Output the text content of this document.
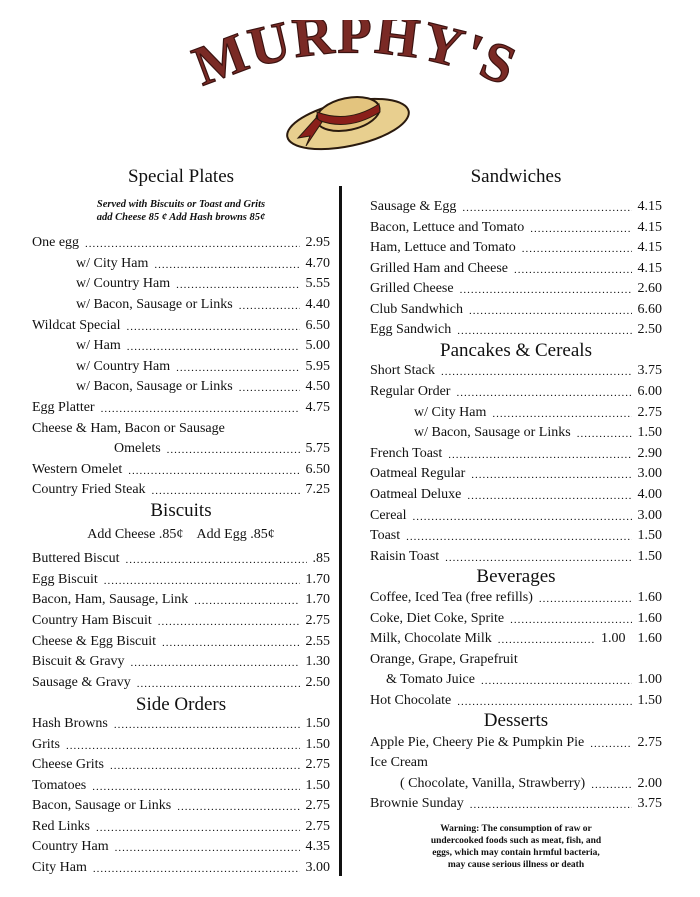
MURPHY'S
Special Plates
Served with Biscuits or Toast and Grits
add Cheese 85 ¢ Add Hash browns 85¢
One egg .....	2.95
w/ City Ham .....	4.70
w/ Country Ham .....	5.55
w/ Bacon, Sausage or Links .....	4.40
Wildcat Special .....	6.50
w/ Ham .....	5.00
w/ Country Ham .....	5.95
w/ Bacon, Sausage or Links .....	4.50
Egg Platter .....	4.75
Cheese & Ham, Bacon or Sausage
Omelets .....	5.75
Western Omelet .....	6.50
Country Fried Steak .....	7.25
Biscuits
Add Cheese .85¢    Add Egg .85¢
Buttered Biscut .....	.85
Egg Biscuit .....	1.70
Bacon, Ham, Sausage, Link .....	1.70
Country Ham Biscuit .....	2.75
Cheese & Egg Biscuit .....	2.55
Biscuit & Gravy .....	1.30
Sausage & Gravy .....	2.50
Side Orders
Hash Browns .....	1.50
Grits .....	1.50
Cheese Grits .....	2.75
Tomatoes .....	1.50
Bacon, Sausage or Links .....	2.75
Red Links .....	2.75
Country Ham .....	4.35
City Ham .....	3.00
Sandwiches
Sausage & Egg .....	4.15
Bacon, Lettuce and Tomato .....	4.15
Ham, Lettuce and Tomato .....	4.15
Grilled Ham and Cheese .....	4.15
Grilled Cheese .....	2.60
Club Sandwhich .....	6.60
Egg Sandwich .....	2.50
Pancakes & Cereals
Short Stack .....	3.75
Regular Order .....	6.00
w/ City Ham .....	2.75
w/ Bacon, Sausage or Links .....	1.50
French Toast .....	2.90
Oatmeal Regular .....	3.00
Oatmeal Deluxe .....	4.00
Cereal .....	3.00
Toast .....	1.50
Raisin Toast .....	1.50
Beverages
Coffee, Iced Tea (free refills) .....	1.60
Coke, Diet Coke, Sprite .....	1.60
Milk, Chocolate Milk .....	1.00 1.60
Orange, Grape, Grapefruit
& Tomato Juice .....	1.00
Hot Chocolate .....	1.50
Desserts
Apple Pie, Cheery Pie & Pumpkin Pie .....	2.75
Ice Cream
( Chocolate, Vanilla, Strawberry) .....	2.00
Brownie Sunday .....	3.75
Warning: The consumption of raw or
undercooked foods such as meat, fish, and
eggs, which may contain hrmful bacteria,
may cause serious illness or death
